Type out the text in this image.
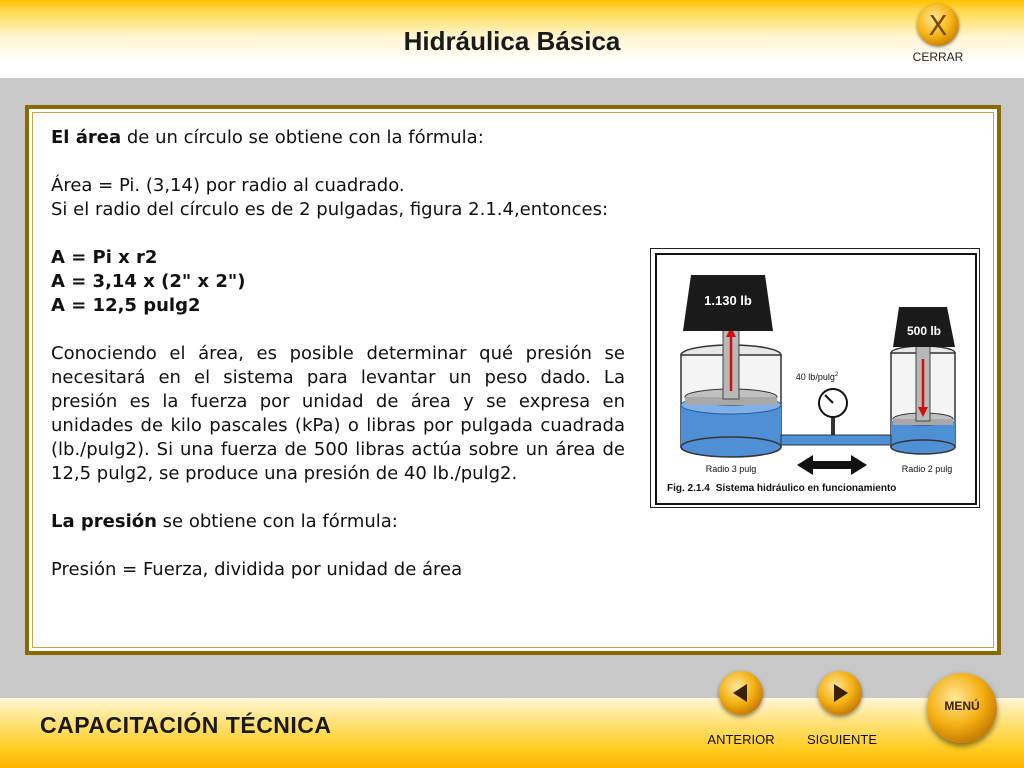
Hidráulica Básica	X
CERRAR

El área de un círculo se obtiene con la fórmula:

Área = Pi. (3,14) por radio al cuadrado.

Si el radio del círculo es de 2 pulgadas, figura 2.1.4,entonces:

A = Pi x r2

A = 3,14 x (2" x 2")

A = 12,5 pulg2

Conociendo el área, es posible determinar qué presión se necesitará en el sistema para levantar un peso dado. La presión es la fuerza por unidad de área y se expresa en unidades de kilo pascales (kPa) o libras por pulgada cuadrada (lb./pulg2). Si una fuerza de 500 libras actúa sobre un área de 12,5 pulg2, se produce una presión de 40 lb./pulg2.

La presión se obtiene con la fórmula:

Presión = Fuerza, dividida por unidad de área

1.130 lb
500 lb
40 lb/pulg$^2$
Radio 3 pulg	Radio 2 pulg
Fig. 2.1.4 Sistema hidráulico en funcionamiento
CAPACITACIÓN TÉCNICA
ANTERIOR	SIGUIENTE
MENÚ
